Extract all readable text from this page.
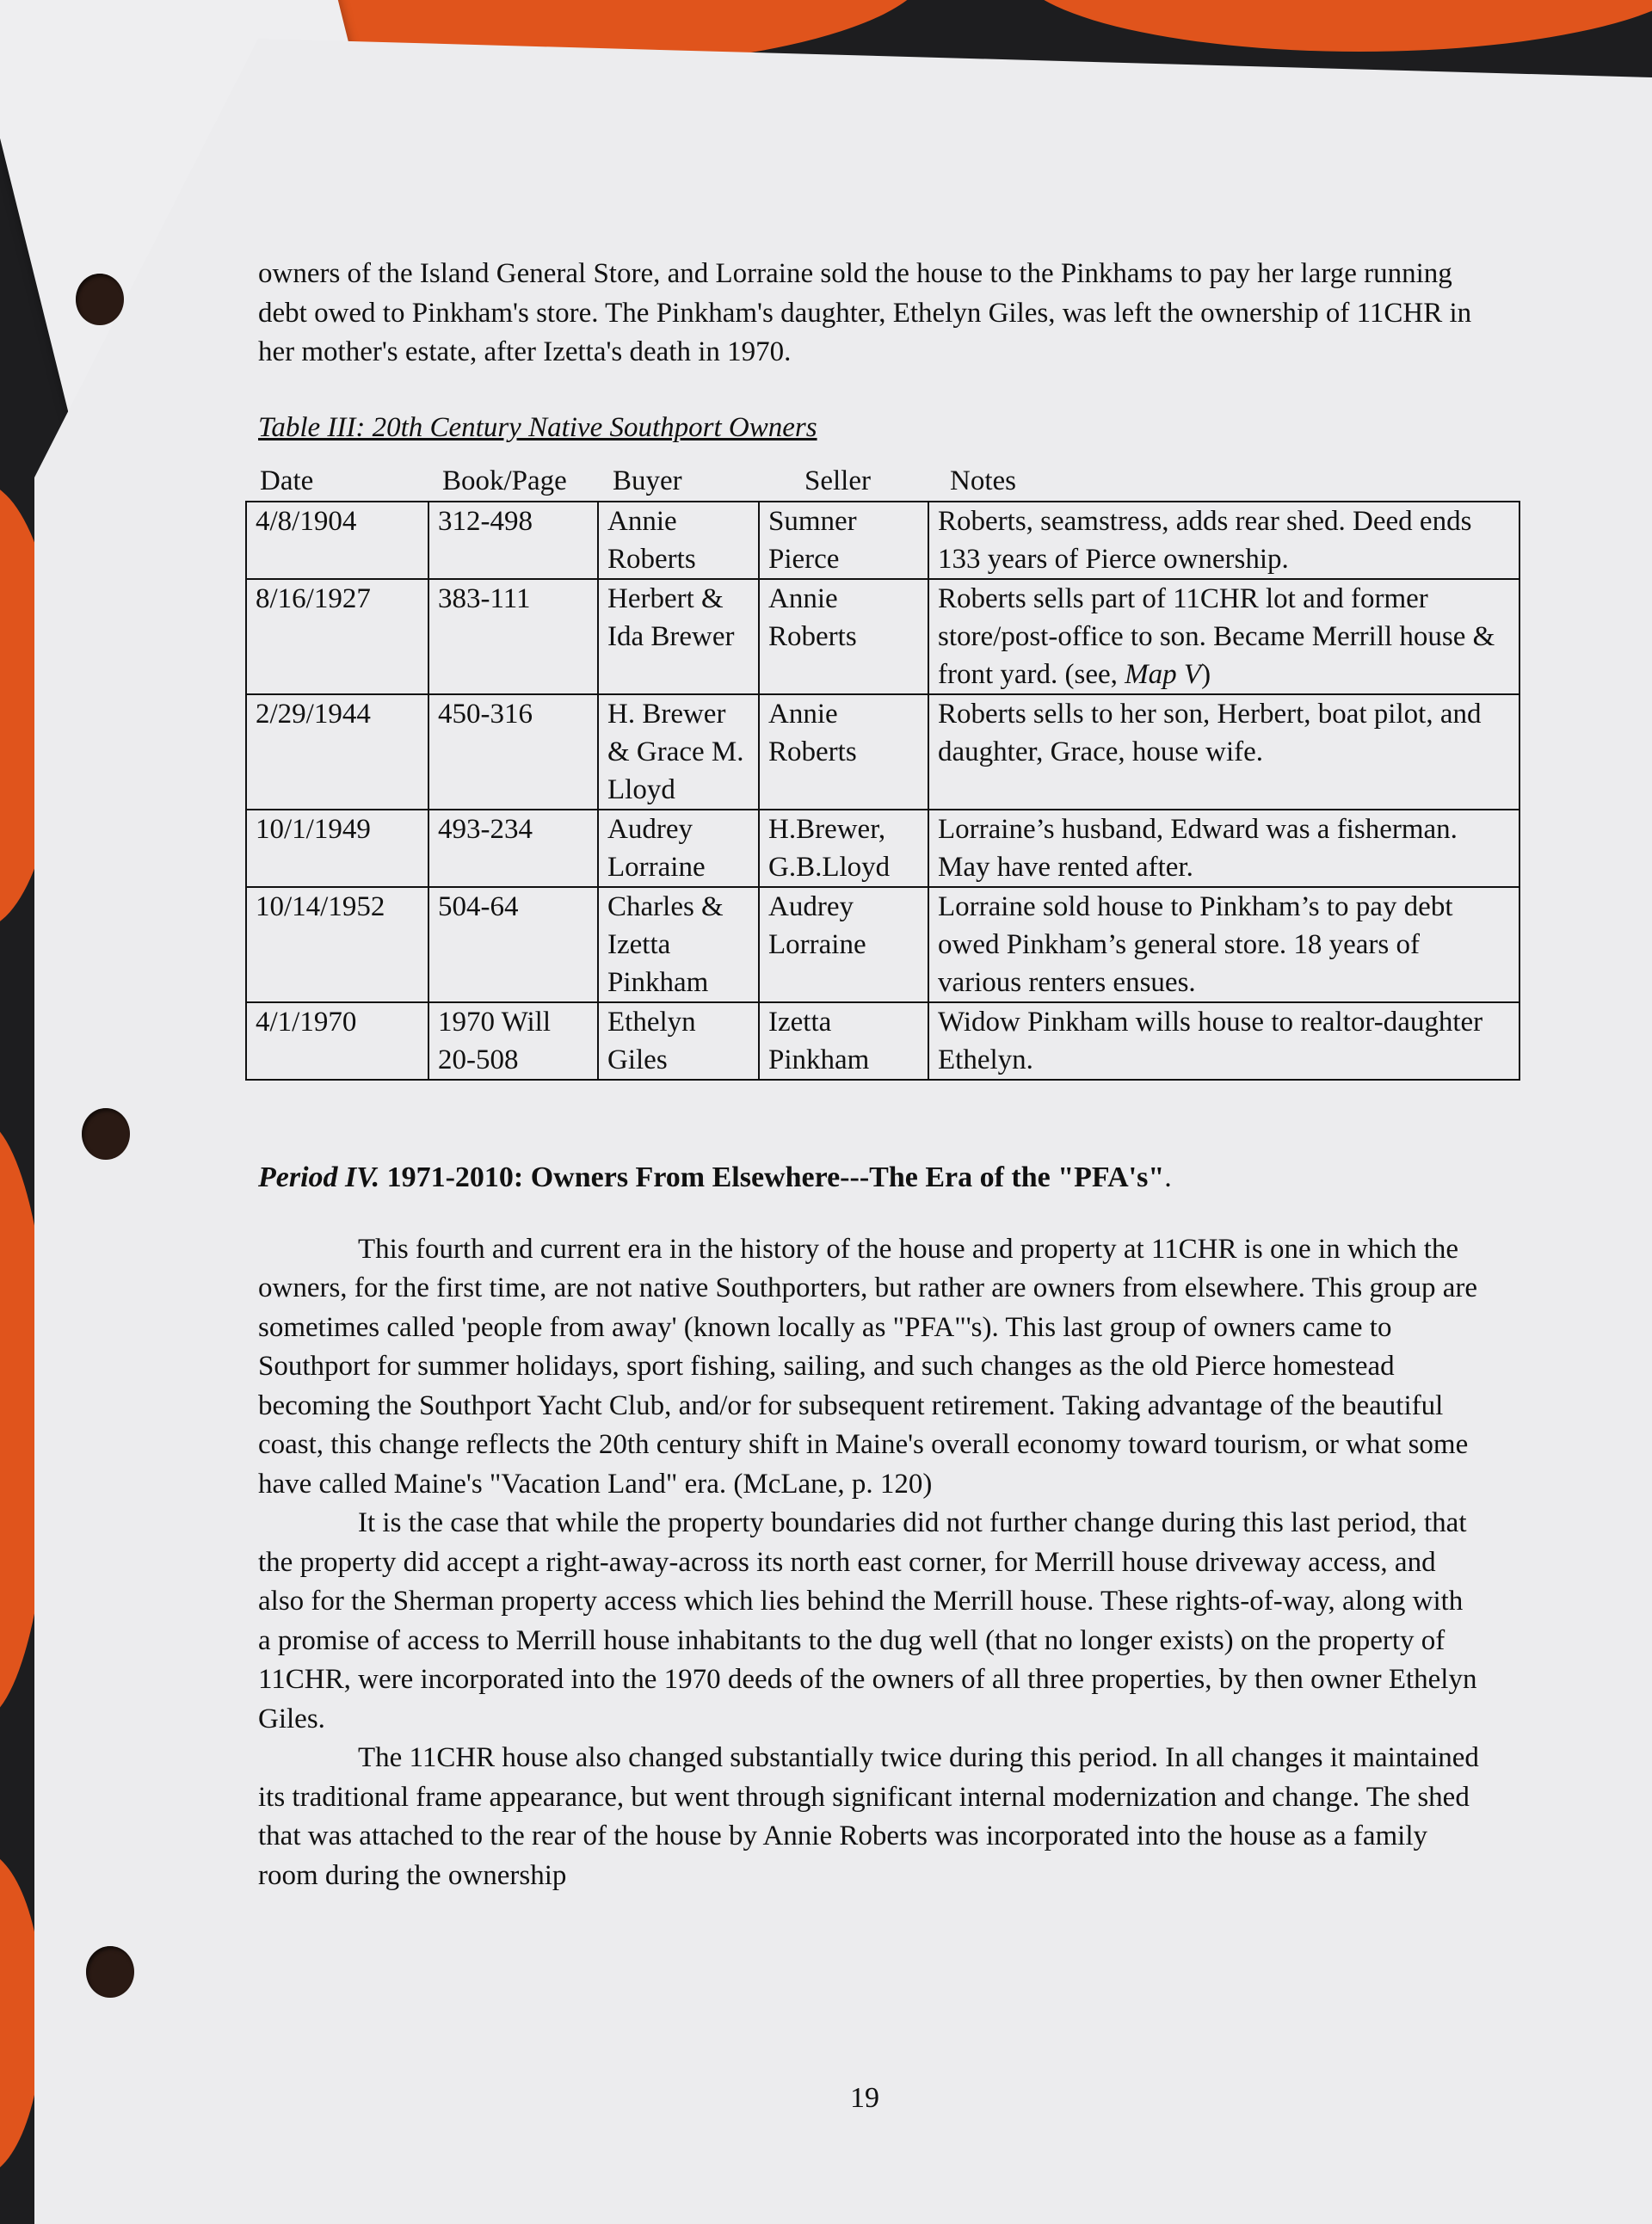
owners of the Island General Store, and Lorraine sold the house to the Pinkhams to pay her large running debt owed to Pinkham's store. The Pinkham's daughter, Ethelyn Giles, was left the ownership of 11CHR in her mother's estate, after Izetta's death in 1970.

Table III: 20th Century Native Southport Owners

Date	Book/Page Buyer	Seller	Notes
4/8/1904	312-498	Annie Roberts	Sumner Pierce	Roberts, seamstress, adds rear shed. Deed ends 133 years of Pierce ownership.
8/16/1927	383-111	Herbert & Ida Brewer	Annie Roberts	Roberts sells part of 11CHR lot and former store/post-office to son. Became Merrill house & front yard. (see, Map V)
2/29/1944	450-316	H. Brewer & Grace M. Lloyd	Annie Roberts	Roberts sells to her son, Herbert, boat pilot, and daughter, Grace, house wife.
10/1/1949	493-234	Audrey Lorraine	H.Brewer, G.B.Lloyd	Lorraine’s husband, Edward was a fisherman. May have rented after.
10/14/1952	504-64	Charles & Izetta Pinkham	Audrey Lorraine	Lorraine sold house to Pinkham’s to pay debt owed Pinkham’s general store. 18 years of various renters ensues.
4/1/1970	1970 Will 20-508	Ethelyn Giles	Izetta Pinkham	Widow Pinkham wills house to realtor-daughter Ethelyn.

Period IV. 1971-2010: Owners From Elsewhere---The Era of the "PFA's".

This fourth and current era in the history of the house and property at 11CHR is one in which the owners, for the first time, are not native Southporters, but rather are owners from elsewhere. This group are sometimes called 'people from away' (known locally as "PFA"'s). This last group of owners came to Southport for summer holidays, sport fishing, sailing, and such changes as the old Pierce homestead becoming the Southport Yacht Club, and/or for subsequent retirement. Taking advantage of the beautiful coast, this change reflects the 20th century shift in Maine's overall economy toward tourism, or what some have called Maine's "Vacation Land" era. (McLane, p. 120)

It is the case that while the property boundaries did not further change during this last period, that the property did accept a right-away-across its north east corner, for Merrill house driveway access, and also for the Sherman property access which lies behind the Merrill house. These rights-of-way, along with a promise of access to Merrill house inhabitants to the dug well (that no longer exists) on the property of 11CHR, were incorporated into the 1970 deeds of the owners of all three properties, by then owner Ethelyn Giles.

The 11CHR house also changed substantially twice during this period. In all changes it maintained its traditional frame appearance, but went through significant internal modernization and change. The shed that was attached to the rear of the house by Annie Roberts was incorporated into the house as a family room during the ownership

19
